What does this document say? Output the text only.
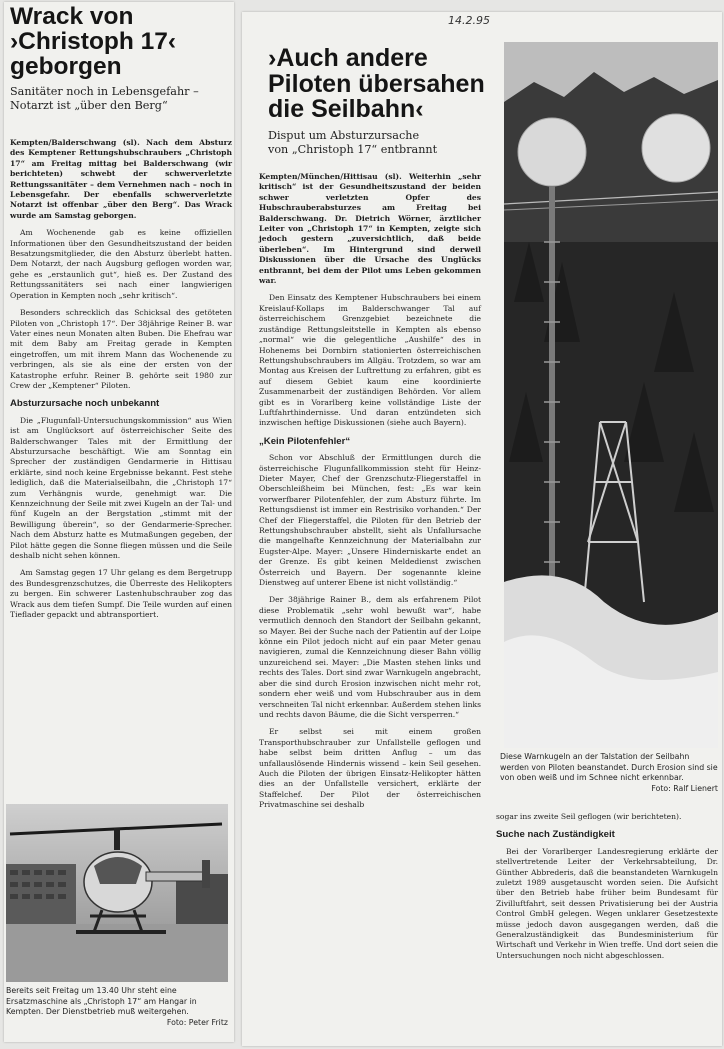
Wrack von
›Christoph 17‹
geborgen
Sanitäter noch in Lebensgefahr –
Notarzt ist „über den Berg“

Kempten/Balderschwang (sl). Nach dem Absturz des Kemptener Rettungshubschraubers „Christoph 17“ am Freitag mittag bei Balderschwang (wir berichteten) schwebt der schwerverletzte Rettungssanitäter – dem Vernehmen nach – noch in Lebensgefahr. Der ebenfalls schwerverletzte Notarzt ist offenbar „über den Berg“. Das Wrack wurde am Samstag geborgen.

Am Wochenende gab es keine offiziellen Informationen über den Gesundheitszustand der beiden Besatzungsmitglieder, die den Absturz überlebt hatten. Dem Notarzt, der nach Augsburg geflogen worden war, gehe es „erstaunlich gut“, hieß es. Der Zustand des Rettungssanitäters sei nach einer langwierigen Operation in Kempten noch „sehr kritisch“.

Besonders schrecklich das Schicksal des getöteten Piloten von „Christoph 17“. Der 38jährige Reiner B. war Vater eines neun Monaten alten Buben. Die Ehefrau war mit dem Baby am Freitag gerade in Kempten eingetroffen, um mit ihrem Mann das Wochenende zu verbringen, als sie als eine der ersten von der Katastrophe erfuhr. Reiner B. gehörte seit 1980 zur Crew der „Kemptener“ Piloten.

Absturzursache noch unbekannt

Die „Flugunfall-Untersuchungskommission“ aus Wien ist am Unglücksort auf österreichischer Seite des Balderschwanger Tales mit der Ermittlung der Absturzursache beschäftigt. Wie am Sonntag ein Sprecher der zuständigen Gendarmerie in Hittisau erklärte, sind noch keine Ergebnisse bekannt. Fest stehe lediglich, daß die Materialseilbahn, die „Christoph 17“ zum Verhängnis wurde, genehmigt war. Die Kennzeichnung der Seile mit zwei Kugeln an der Tal- und fünf Kugeln an der Bergstation „stimmt mit der Bewilligung überein“, so der Gendarmerie-Sprecher. Nach dem Absturz hatte es Mutmaßungen gegeben, der Pilot hätte gegen die Sonne fliegen müssen und die Seile deshalb nicht sehen können.

Am Samstag gegen 17 Uhr gelang es dem Bergetrupp des Bundesgrenzschutzes, die Überreste des Helikopters zu bergen. Ein schwerer Lastenhubschrauber zog das Wrack aus dem tiefen Sumpf. Die Teile wurden auf einen Tieflader gepackt und abtransportiert.

Bereits seit Freitag um 13.40 Uhr steht eine Ersatzmaschine als „Christoph 17“ am Hangar in Kempten. Der Dienstbetrieb muß weitergehen.
Foto: Peter Fritz
14.2.95
›Auch andere
Piloten übersahen
die Seilbahn‹
Disput um Absturzursache
von „Christoph 17“ entbrannt

Kempten/München/Hittisau (sl). Weiterhin „sehr kritisch“ ist der Gesundheitszustand der beiden schwer verletzten Opfer des Hubschrauberabsturzes am Freitag bei Balderschwang. Dr. Dietrich Wörner, ärztlicher Leiter von „Christoph 17“ in Kempten, zeigte sich jedoch gestern „zuversichtlich, daß beide überleben“. Im Hintergrund sind derweil Diskussionen über die Ursache des Unglücks entbrannt, bei dem der Pilot ums Leben gekommen war.

Den Einsatz des Kemptener Hubschraubers bei einem Kreislauf-Kollaps im Balderschwanger Tal auf österreichischem Grenzgebiet bezeichnete die zuständige Rettungsleitstelle in Kempten als ebenso „normal“ wie die gelegentliche „Aushilfe“ des in Hohenems bei Dornbirn stationierten österreichischen Rettungshubschraubers im Allgäu. Trotzdem, so war am Montag aus Kreisen der Luftrettung zu erfahren, gibt es auf diesem Gebiet kaum eine koordinierte Zusammenarbeit der zuständigen Behörden. Vor allem gibt es in Vorarlberg keine vollständige Liste der Luftfahrthindernisse. Und daran entzündeten sich inzwischen heftige Diskussionen (siehe auch Bayern).

„Kein Pilotenfehler“

Schon vor Abschluß der Ermittlungen durch die österreichische Flugunfallkommission steht für Heinz-Dieter Mayer, Chef der Grenzschutz-Fliegerstaffel in Oberschleißheim bei München, fest: „Es war kein vorwerfbarer Pilotenfehler, der zum Absturz führte. Im Rettungsdienst ist immer ein Restrisiko vorhanden.“ Der Chef der Fliegerstaffel, die Piloten für den Betrieb der Rettungshubschrauber abstellt, sieht als Unfallursache die mangelhafte Kennzeichnung der Materialbahn zur Eugster-Alpe. Mayer: „Unsere Hinderniskarte endet an der Grenze. Es gibt keinen Meldedienst zwischen Österreich und Bayern. Der sogenannte kleine Dienstweg auf unterer Ebene ist nicht vollständig.“

Der 38jährige Rainer B., dem als erfahrenem Pilot diese Problematik „sehr wohl bewußt war“, habe vermutlich dennoch den Standort der Seilbahn gekannt, so Mayer. Bei der Suche nach der Patientin auf der Loipe könne ein Pilot jedoch nicht auf ein paar Meter genau navigieren, zumal die Kennzeichnung dieser Bahn völlig unzureichend sei. Mayer: „Die Masten stehen links und rechts des Tales. Dort sind zwar Warnkugeln angebracht, aber die sind durch Erosion inzwischen nicht mehr rot, sondern eher weiß und vom Hubschrauber aus in dem verschneiten Tal nicht erkennbar. Außerdem stehen links und rechts davon Bäume, die die Sicht versperren.“

Er selbst sei mit einem großen Transporthubschrauber zur Unfallstelle geflogen und habe selbst beim dritten Anflug – um das unfallauslösende Hindernis wissend – kein Seil gesehen. Auch die Piloten der übrigen Einsatz-Helikopter hätten dies an der Unfallstelle versichert, erklärte der Staffelchef. Der Pilot der österreichischen Privatmaschine sei deshalb

Diese Warnkugeln an der Talstation der Seilbahn werden von Piloten beanstandet. Durch Erosion sind sie von oben weiß und im Schnee nicht erkennbar.
Foto: Ralf Lienert

sogar ins zweite Seil geflogen (wir berichteten).

Suche nach Zuständigkeit

Bei der Vorarlberger Landesregierung erklärte der stellvertretende Leiter der Verkehrsabteilung, Dr. Günther Abbrederis, daß die beanstandeten Warnkugeln zuletzt 1989 ausgetauscht worden seien. Die Aufsicht über den Betrieb habe früher beim Bundesamt für Zivilluftfahrt, seit dessen Privatisierung bei der Austria Control GmbH gelegen. Wegen unklarer Gesetzestexte müsse jedoch davon ausgegangen werden, daß die Generalzuständigkeit das Bundesministerium für Wirtschaft und Verkehr in Wien treffe. Und dort seien die Untersuchungen noch nicht abgeschlossen.
